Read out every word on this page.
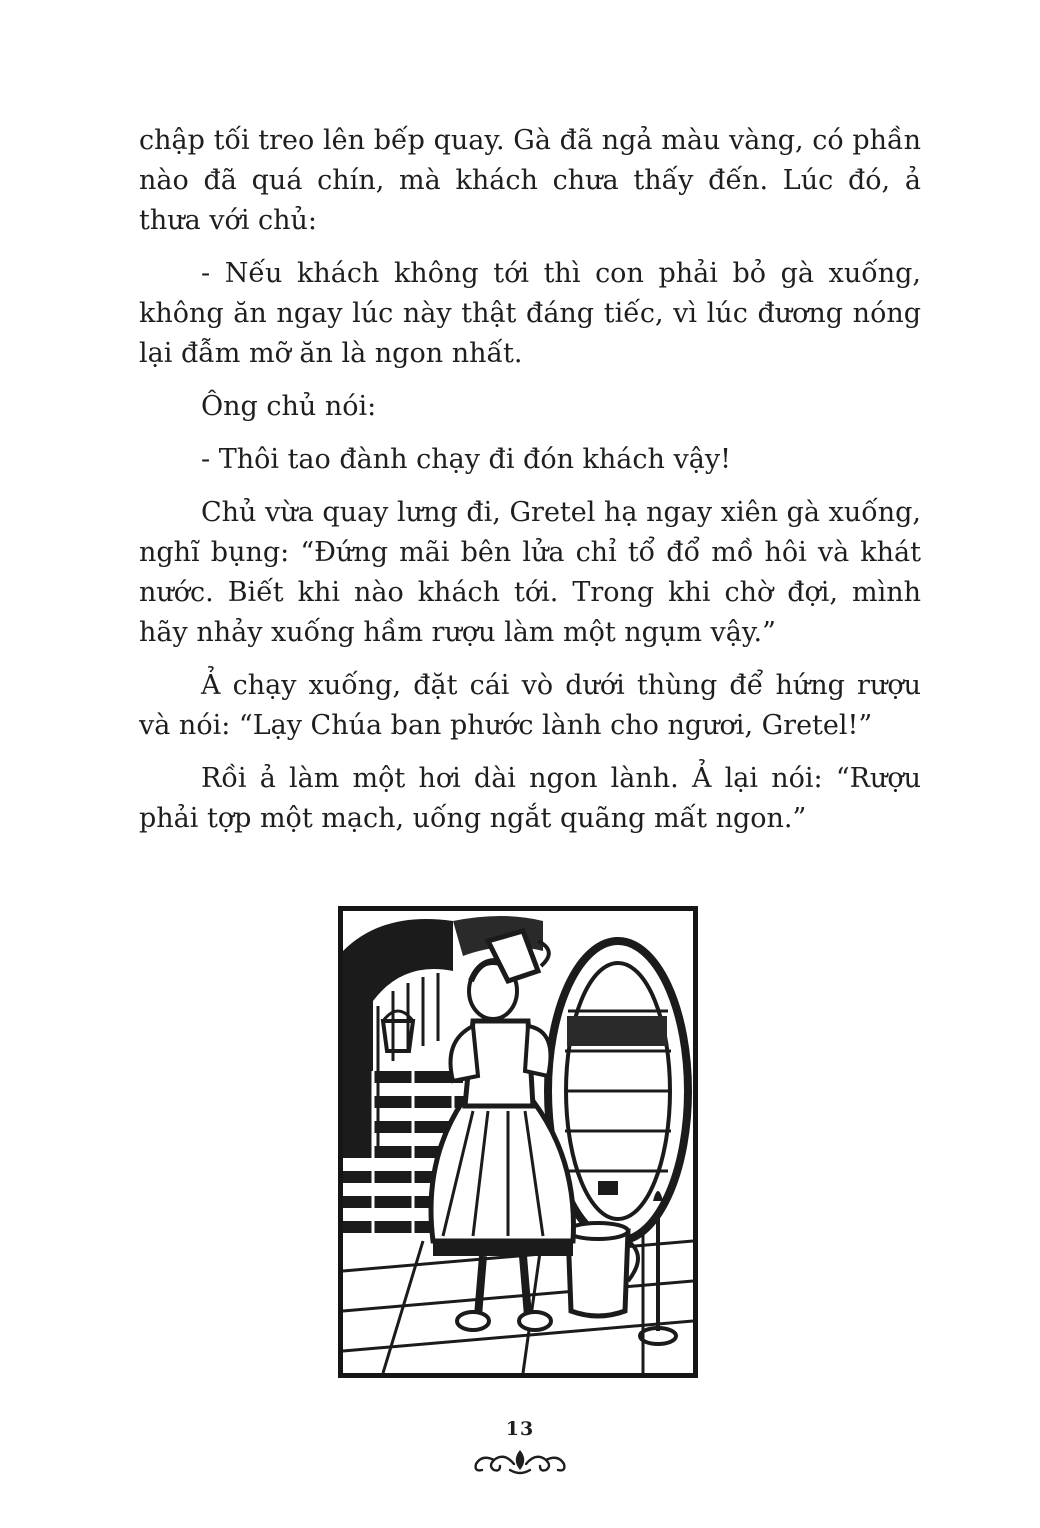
chập tối treo lên bếp quay. Gà đã ngả màu vàng, có phần nào đã quá chín, mà khách chưa thấy đến. Lúc đó, ả thưa với chủ:

- Nếu khách không tới thì con phải bỏ gà xuống, không ăn ngay lúc này thật đáng tiếc, vì lúc đương nóng lại đẫm mỡ ăn là ngon nhất.

Ông chủ nói:

- Thôi tao đành chạy đi đón khách vậy!

Chủ vừa quay lưng đi, Gretel hạ ngay xiên gà xuống, nghĩ bụng: “Đứng mãi bên lửa chỉ tổ đổ mồ hôi và khát nước. Biết khi nào khách tới. Trong khi chờ đợi, mình hãy nhảy xuống hầm rượu làm một ngụm vậy.”

Ả chạy xuống, đặt cái vò dưới thùng để hứng rượu và nói: “Lạy Chúa ban phước lành cho ngươi, Gretel!”

Rồi ả làm một hơi dài ngon lành. Ả lại nói: “Rượu phải tợp một mạch, uống ngắt quãng mất ngon.”

13
